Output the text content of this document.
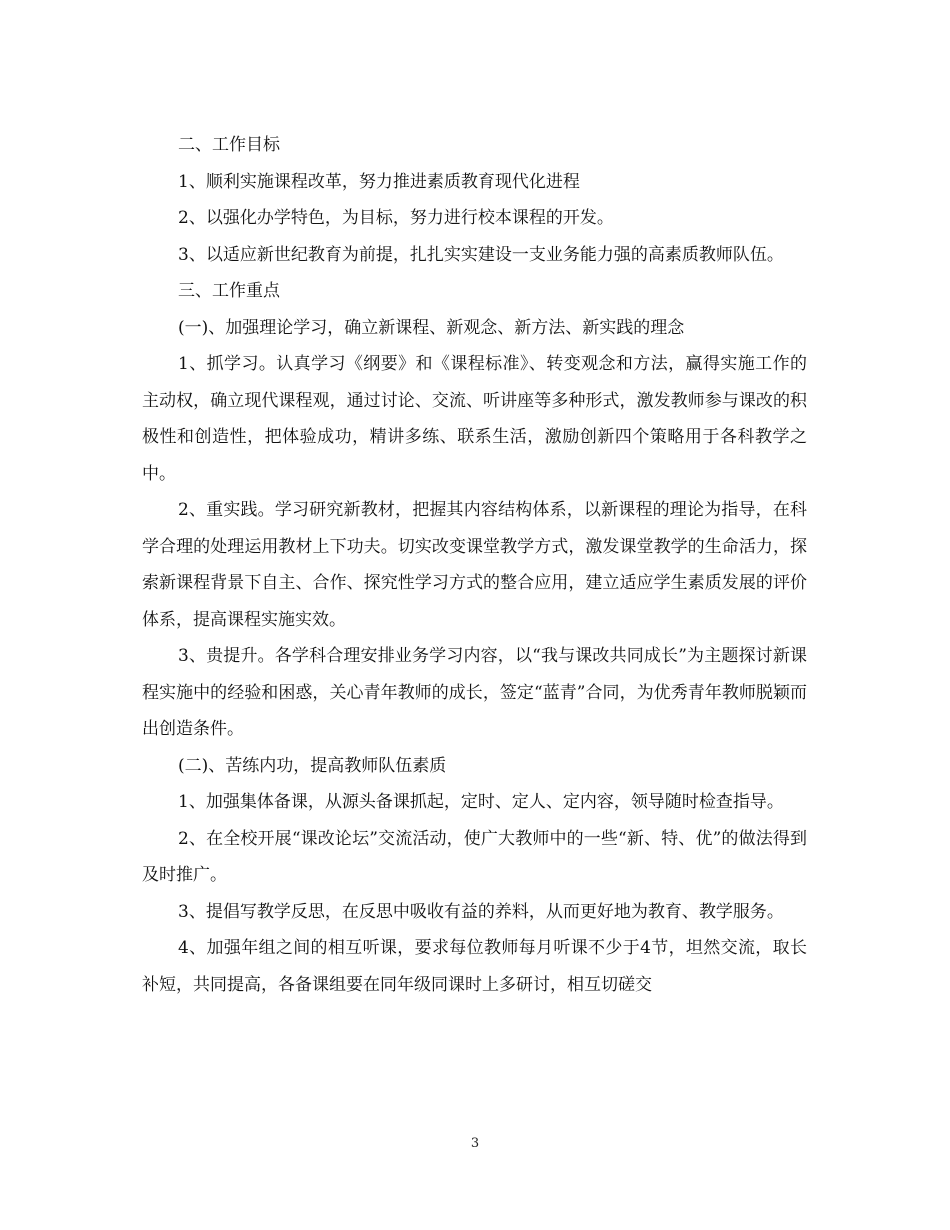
二、工作目标

1、顺利实施课程改革，努力推进素质教育现代化进程

2、以强化办学特色，为目标，努力进行校本课程的开发。

3、以适应新世纪教育为前提，扎扎实实建设一支业务能力强的高素质教师队伍。

三、工作重点

(一)、加强理论学习，确立新课程、新观念、新方法、新实践的理念

1、抓学习。认真学习《纲要》和《课程标准》、转变观念和方法，赢得实施工作的主动权，确立现代课程观，通过讨论、交流、听讲座等多种形式，激发教师参与课改的积极性和创造性，把体验成功，精讲多练、联系生活，激励创新四个策略用于各科教学之中。

2、重实践。学习研究新教材，把握其内容结构体系，以新课程的理论为指导，在科学合理的处理运用教材上下功夫。切实改变课堂教学方式，激发课堂教学的生命活力，探索新课程背景下自主、合作、探究性学习方式的整合应用，建立适应学生素质发展的评价体系，提高课程实施实效。

3、贵提升。各学科合理安排业务学习内容，以“我与课改共同成长”为主题探讨新课程实施中的经验和困惑，关心青年教师的成长，签定“蓝青”合同，为优秀青年教师脱颖而出创造条件。

(二)、苦练内功，提高教师队伍素质

1、加强集体备课，从源头备课抓起，定时、定人、定内容，领导随时检查指导。

2、在全校开展“课改论坛”交流活动，使广大教师中的一些“新、特、优”的做法得到及时推广。

3、提倡写教学反思，在反思中吸收有益的养料，从而更好地为教育、教学服务。

4、加强年组之间的相互听课，要求每位教师每月听课不少于4节，坦然交流，取长补短，共同提高，各备课组要在同年级同课时上多研讨，相互切磋交

3
